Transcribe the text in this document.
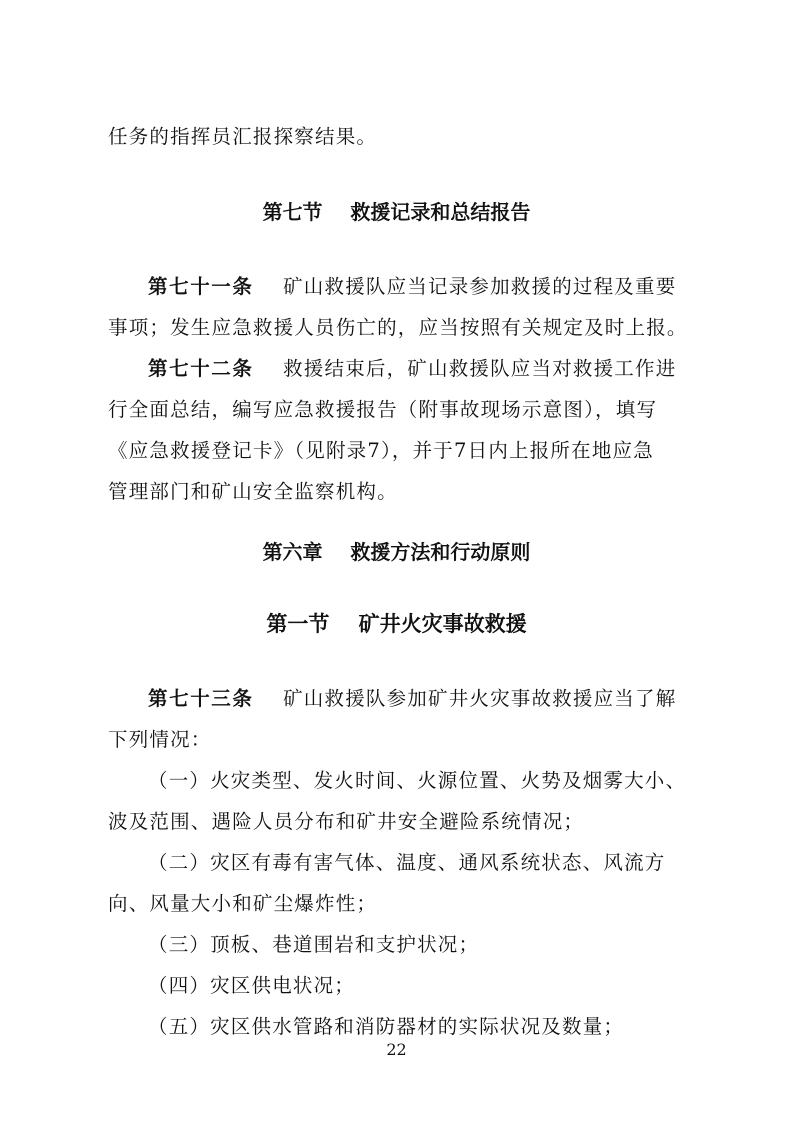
任务的指挥员汇报探察结果。
第七节    救援记录和总结报告
第七十一条    矿山救援队应当记录参加救援的过程及重要
事项；发生应急救援人员伤亡的，应当按照有关规定及时上报。
第七十二条    救援结束后，矿山救援队应当对救援工作进
行全面总结，编写应急救援报告（附事故现场示意图），填写
《应急救援登记卡》（见附录7），并于7日内上报所在地应急
管理部门和矿山安全监察机构。
第六章    救援方法和行动原则
第一节    矿井火灾事故救援
第七十三条    矿山救援队参加矿井火灾事故救援应当了解
下列情况：
（一）火灾类型、发火时间、火源位置、火势及烟雾大小、
波及范围、遇险人员分布和矿井安全避险系统情况；
（二）灾区有毒有害气体、温度、通风系统状态、风流方
向、风量大小和矿尘爆炸性；
（三）顶板、巷道围岩和支护状况；
（四）灾区供电状况；
（五）灾区供水管路和消防器材的实际状况及数量；
22
